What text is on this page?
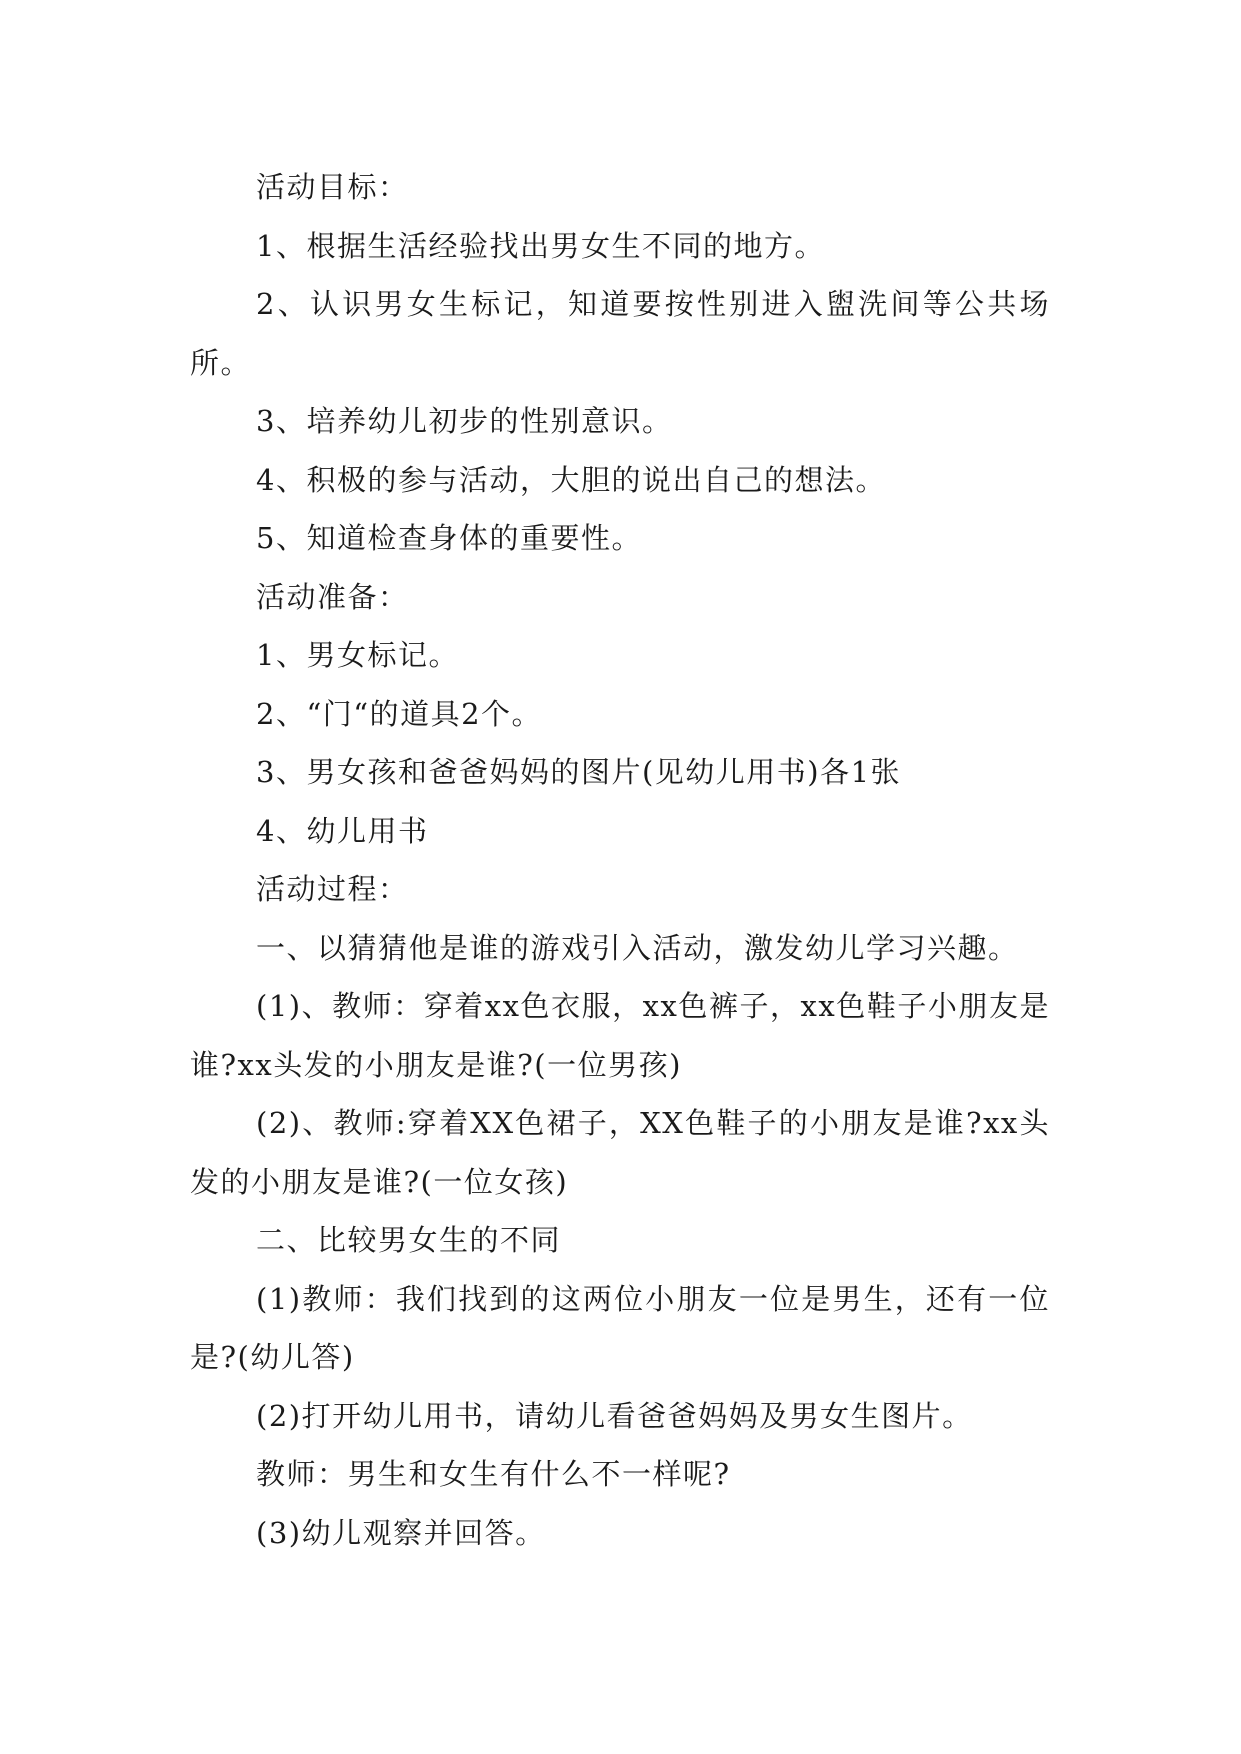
活动目标：

1、根据生活经验找出男女生不同的地方。

2、认识男女生标记，知道要按性别进入盥洗间等公共场所。

3、培养幼儿初步的性别意识。

4、积极的参与活动，大胆的说出自己的想法。

5、知道检查身体的重要性。

活动准备：

1、男女标记。

2、“门“的道具2个。

3、男女孩和爸爸妈妈的图片(见幼儿用书)各1张

4、幼儿用书

活动过程：

一、以猜猜他是谁的游戏引入活动，激发幼儿学习兴趣。

(1)、教师：穿着xx色衣服，xx色裤子，xx色鞋子小朋友是谁?xx头发的小朋友是谁?(一位男孩)

(2)、教师:穿着XX色裙子，XX色鞋子的小朋友是谁?xx头发的小朋友是谁?(一位女孩)

二、比较男女生的不同

(1)教师：我们找到的这两位小朋友一位是男生，还有一位是?(幼儿答)

(2)打开幼儿用书，请幼儿看爸爸妈妈及男女生图片。

教师：男生和女生有什么不一样呢?

(3)幼儿观察并回答。
